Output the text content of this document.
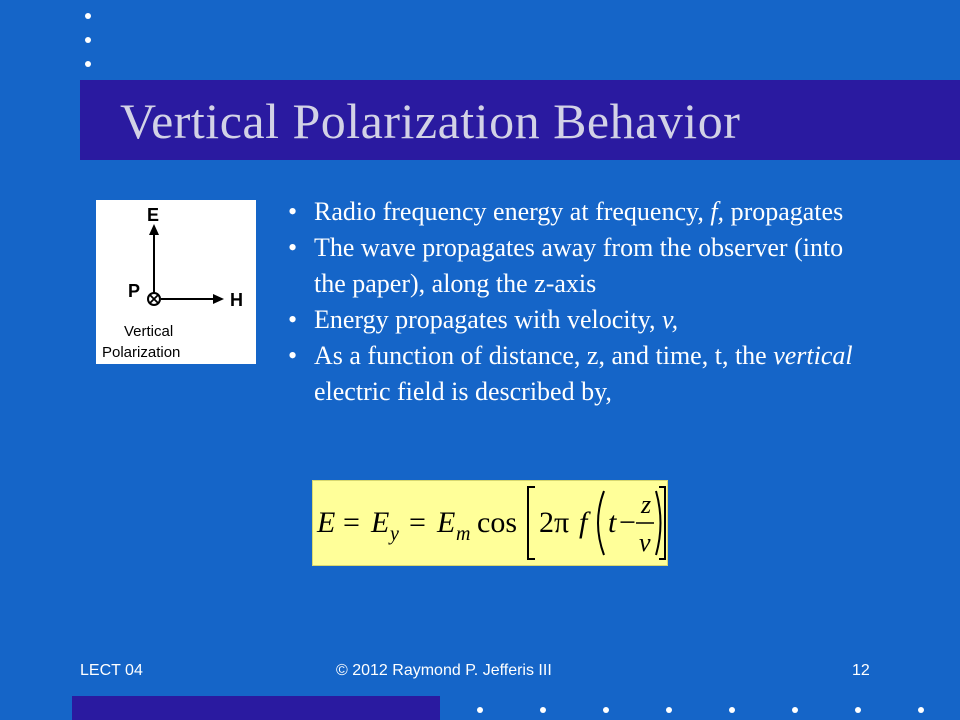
Vertical Polarization Behavior
E
P	H
Vertical
Polarization
• Radio frequency energy at frequency, f, propagates
• The wave propagates away from the observer (into the paper), along the z-axis
• Energy propagates with velocity, v,
• As a function of distance, z, and time, t, the vertical electric field is described by,
E = E y = E m cos 2π f t −
z
v
LECT 04	© 2012 Raymond P. Jefferis III	12
